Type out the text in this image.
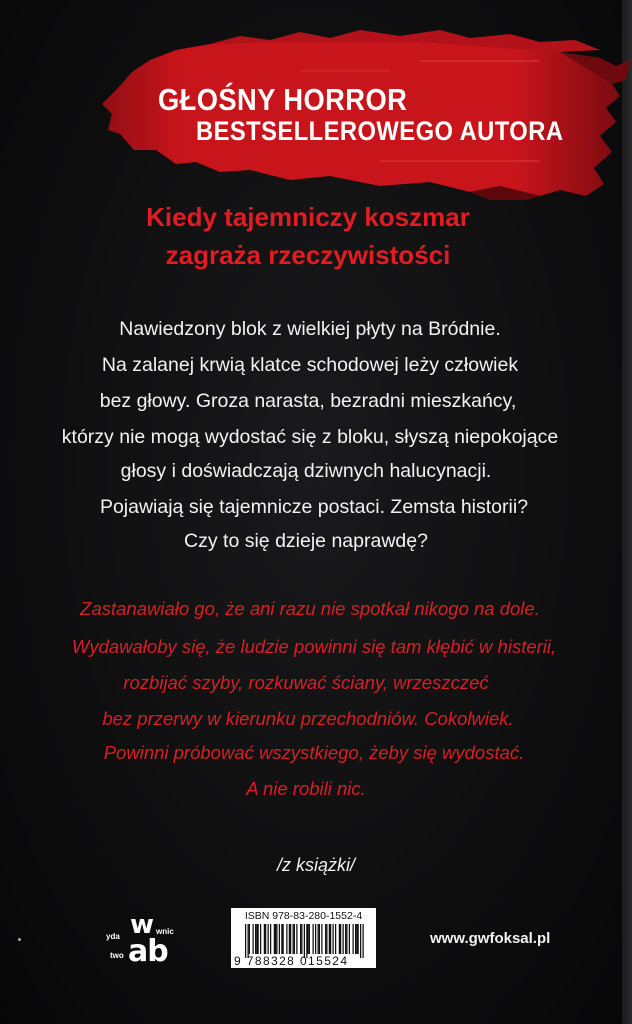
GŁOŚNY HORROR
BESTSELLEROWEGO AUTORA
Kiedy tajemniczy koszmar
zagraża rzeczywistości
Nawiedzony blok z wielkiej płyty na Bródnie.
Na zalanej krwią klatce schodowej leży człowiek
bez głowy. Groza narasta, bezradni mieszkańcy,
którzy nie mogą wydostać się z bloku, słyszą niepokojące
głosy i doświadczają dziwnych halucynacji.
Pojawiają się tajemnicze postaci. Zemsta historii?
Czy to się dzieje naprawdę?
Zastanawiało go, że ani razu nie spotkał nikogo na dole.
Wydawałoby się, że ludzie powinni się tam kłębić w histerii,
rozbijać szyby, rozkuwać ściany, wrzeszczeć
bez przerwy w kierunku przechodniów. Cokolwiek.
Powinni próbować wszystkiego, żeby się wydostać.
A nie robili nic.
/z książki/
w wnic
yda ab
two
ISBN 978-83-280-1552-4
9 788328 015524
www.gwfoksal.pl
